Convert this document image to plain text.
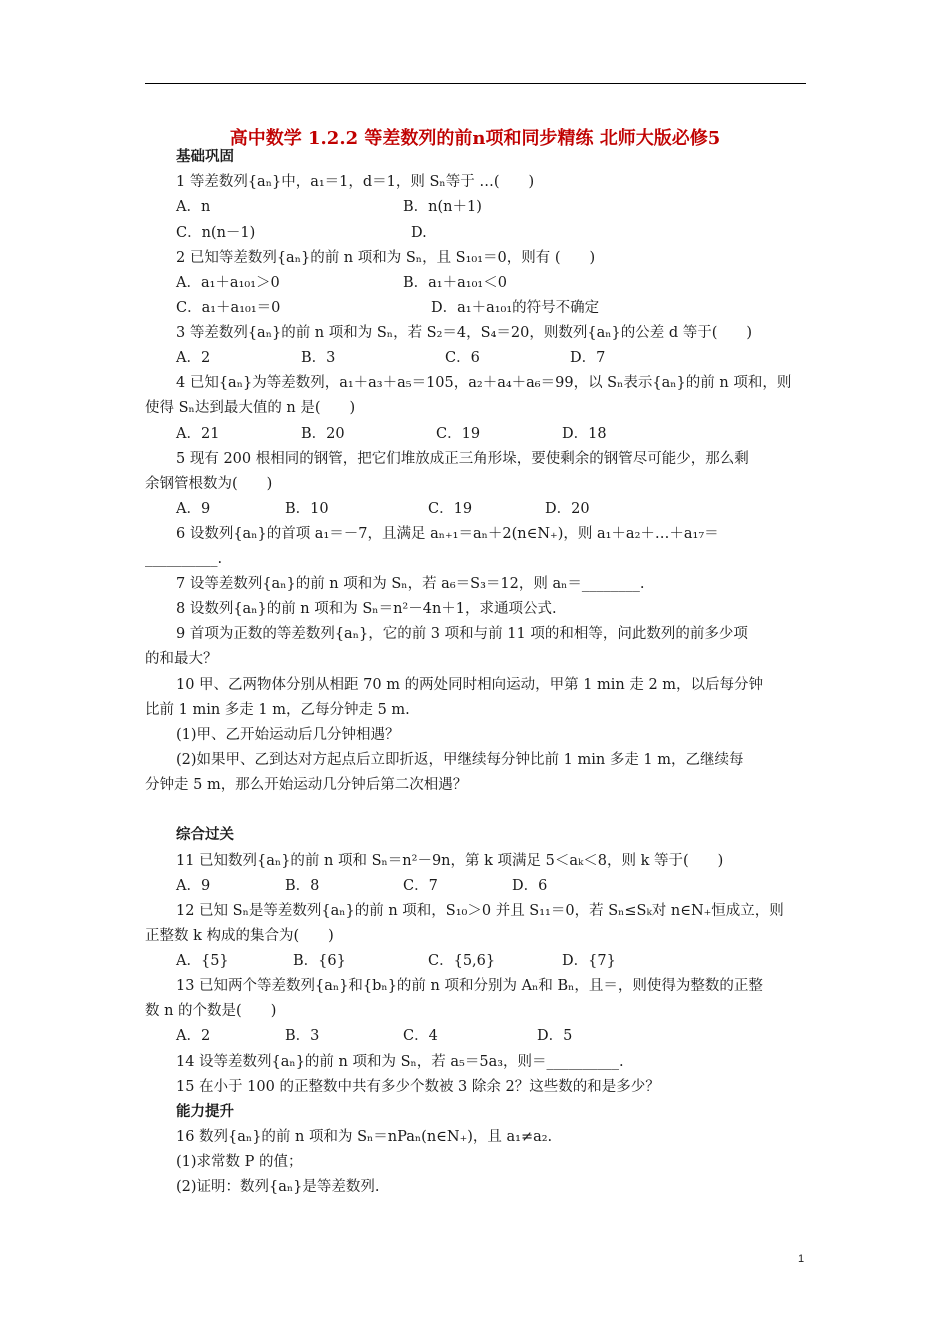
高中数学 1.2.2 等差数列的前n项和同步精练 北师大版必修5
基础巩固
1 等差数列{aₙ}中，a₁＝1，d＝1，则 Sₙ等于 …(　　)
A．n	B．n(n＋1)
C．n(n－1)	D.
2 已知等差数列{aₙ}的前 n 项和为 Sₙ，且 S₁₀₁＝0，则有 (　　)
A．a₁＋a₁₀₁＞0	B．a₁＋a₁₀₁＜0
C．a₁＋a₁₀₁＝0	D．a₁＋a₁₀₁的符号不确定
3 等差数列{aₙ}的前 n 项和为 Sₙ，若 S₂＝4，S₄＝20，则数列{aₙ}的公差 d 等于(　　)
A．2	B．3	C．6	D．7
4 已知{aₙ}为等差数列，a₁＋a₃＋a₅＝105，a₂＋a₄＋a₆＝99，以 Sₙ表示{aₙ}的前 n 项和，则
使得 Sₙ达到最大值的 n 是(　　)
A．21	B．20	C．19	D．18
5 现有 200 根相同的钢管，把它们堆放成正三角形垛，要使剩余的钢管尽可能少，那么剩
余钢管根数为(　　)
A．9	B．10	C．19	D．20
6 设数列{aₙ}的首项 a₁＝－7，且满足 aₙ₊₁＝aₙ＋2(n∈N₊)，则 a₁＋a₂＋…＋a₁₇＝
__________.
7 设等差数列{aₙ}的前 n 项和为 Sₙ，若 a₆＝S₃＝12，则 aₙ＝________.
8 设数列{aₙ}的前 n 项和为 Sₙ＝n²－4n＋1，求通项公式.
9 首项为正数的等差数列{aₙ}，它的前 3 项和与前 11 项的和相等，问此数列的前多少项
的和最大？
10 甲、乙两物体分别从相距 70 m 的两处同时相向运动，甲第 1 min 走 2 m，以后每分钟
比前 1 min 多走 1 m，乙每分钟走 5 m.
(1)甲、乙开始运动后几分钟相遇？
(2)如果甲、乙到达对方起点后立即折返，甲继续每分钟比前 1 min 多走 1 m，乙继续每
分钟走 5 m，那么开始运动几分钟后第二次相遇？
综合过关
11 已知数列{aₙ}的前 n 项和 Sₙ＝n²－9n，第 k 项满足 5＜aₖ＜8，则 k 等于(　　)
A．9	B．8	C．7	D．6
12 已知 Sₙ是等差数列{aₙ}的前 n 项和，S₁₀＞0 并且 S₁₁＝0，若 Sₙ≤Sₖ对 n∈N₊恒成立，则
正整数 k 构成的集合为(　　)
A．{5}	B．{6}	C．{5,6}	D．{7}
13 已知两个等差数列{aₙ}和{bₙ}的前 n 项和分别为 Aₙ和 Bₙ，且＝，则使得为整数的正整
数 n 的个数是(　　)
A．2	B．3	C．4	D．5
14 设等差数列{aₙ}的前 n 项和为 Sₙ，若 a₅＝5a₃，则＝__________.
15 在小于 100 的正整数中共有多少个数被 3 除余 2？这些数的和是多少？
能力提升
16 数列{aₙ}的前 n 项和为 Sₙ＝nPaₙ(n∈N₊)，且 a₁≠a₂.
(1)求常数 P 的值；
(2)证明：数列{aₙ}是等差数列.
1
